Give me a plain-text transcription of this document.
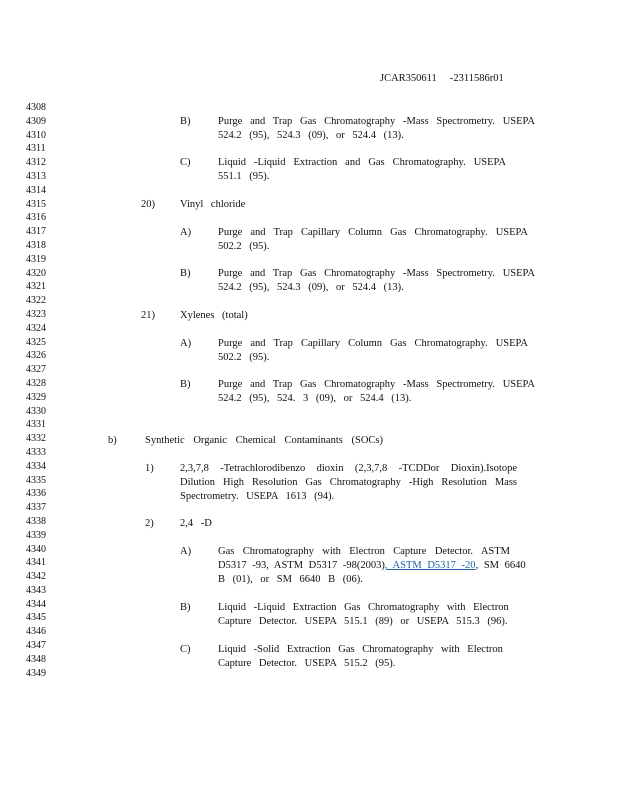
JCAR350611 -2311586r01
4308
4309
4310
4311
4312
4313
4314
4315
4316
4317
4318
4319
4320
4321
4322
4323
4324
4325
4326
4327
4328
4329
4330
4331
4332
4333
4334
4335
4336
4337
4338
4339
4340
4341
4342
4343
4344
4345
4346
4347
4348
4349
B)	Purge and Trap Gas Chromatography -Mass Spectrometry. USEPA
524.2 (95), 524.3 (09), or 524.4 (13).
C)	Liquid -Liquid Extraction and Gas Chromatography. USEPA
551.1 (95).
20) Vinyl chloride
A)	Purge and Trap Capillary Column Gas Chromatography. USEPA
502.2 (95).
B)	Purge and Trap Gas Chromatography -Mass Spectrometry. USEPA
524.2 (95), 524.3 (09), or 524.4 (13).
21) Xylenes (total)
A)	Purge and Trap Capillary Column Gas Chromatography. USEPA
502.2 (95).
B)	Purge and Trap Gas Chromatography -Mass Spectrometry. USEPA
524.2 (95), 524. 3 (09), or 524.4 (13).
b)	Synthetic Organic Chemical Contaminants (SOCs)
1)	2,3,7,8 -Tetrachlorodibenzo dioxin (2,3,7,8 -TCDDor Dioxin).Isotope
Dilution High Resolution Gas Chromatography -High Resolution Mass
Spectrometry. USEPA 1613 (94).
2)	2,4 -D
A)	Gas Chromatography with Electron Capture Detector. ASTM
D5317 -93, ASTM D5317 -98(2003), ASTM D5317 -20, SM 6640
B (01), or SM 6640 B (06).
B)	Liquid -Liquid Extraction Gas Chromatography with Electron
Capture Detector. USEPA 515.1 (89) or USEPA 515.3 (96).
C)	Liquid -Solid Extraction Gas Chromatography with Electron
Capture Detector. USEPA 515.2 (95).
